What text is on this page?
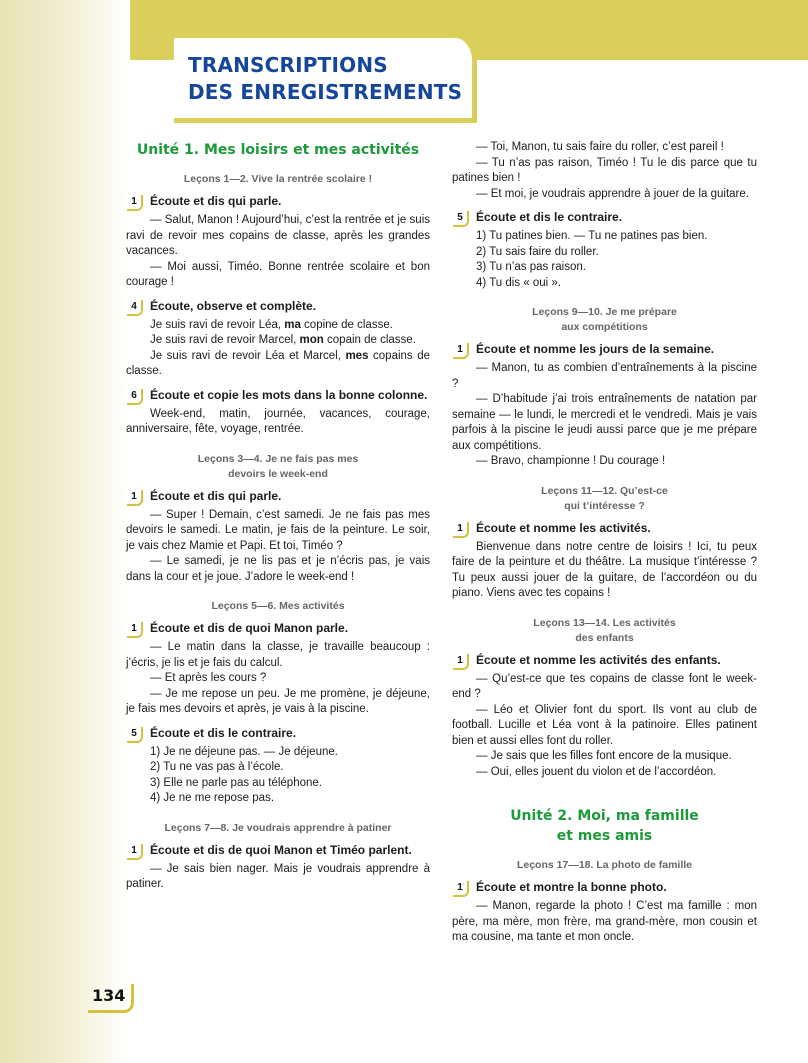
TRANSCRIPTIONS
DES ENREGISTREMENTS
Unité 1. Mes loisirs et mes activités
Leçons 1—2. Vive la rentrée scolaire !
1	Écoute et dis qui parle.

— Salut, Manon ! Aujourd’hui, c’est la rentrée et je suis ravi de revoir mes copains de classe, après les grandes vacances.

— Moi aussi, Timéo. Bonne rentrée scolaire et bon courage !

4	Écoute, observe et complète.

Je suis ravi de revoir Léa, ma copine de classe.

Je suis ravi de revoir Marcel, mon copain de classe.

Je suis ravi de revoir Léa et Marcel, mes copains de classe.

6	Écoute et copie les mots dans la bonne colonne.

Week-end, matin, journée, vacances, courage, anniversaire, fête, voyage, rentrée.

Leçons 3—4. Je ne fais pas mes
devoirs le week-end
1	Écoute et dis qui parle.

— Super ! Demain, c’est samedi. Je ne fais pas mes devoirs le samedi. Le matin, je fais de la peinture. Le soir, je vais chez Mamie et Papi. Et toi, Timéo ?

— Le samedi, je ne lis pas et je n’écris pas, je vais dans la cour et je joue. J’adore le week-end !

Leçons 5—6. Mes activités
1	Écoute et dis de quoi Manon parle.

— Le matin dans la classe, je travaille beaucoup : j’écris, je lis et je fais du calcul.

— Et après les cours ?

— Je me repose un peu. Je me promène, je déjeune, je fais mes devoirs et après, je vais à la piscine.

5	Écoute et dis le contraire.

1) Je ne déjeune pas. — Je déjeune.

2) Tu ne vas pas à l’école.

3) Elle ne parle pas au téléphone.

4) Je ne me repose pas.

Leçons 7—8. Je voudrais apprendre à patiner
1	Écoute et dis de quoi Manon et Timéo parlent.

— Je sais bien nager. Mais je voudrais apprendre à patiner.

— Toi, Manon, tu sais faire du roller, c’est pareil !

— Tu n’as pas raison, Timéo ! Tu le dis parce que tu patines bien !

— Et moi, je voudrais apprendre à jouer de la guitare.

5	Écoute et dis le contraire.

1) Tu patines bien. — Tu ne patines pas bien.

2) Tu sais faire du roller.

3) Tu n’as pas raison.

4) Tu dis « oui ».

Leçons 9—10. Je me prépare
aux compétitions
1	Écoute et nomme les jours de la semaine.

— Manon, tu as combien d’entraînements à la piscine ?

— D’habitude j’ai trois entraînements de natation par semaine — le lundi, le mercredi et le vendredi. Mais je vais parfois à la piscine le jeudi aussi parce que je me prépare aux compétitions.

— Bravo, championne ! Du courage !

Leçons 11—12. Qu’est-ce
qui t’intéresse ?
1	Écoute et nomme les activités.

Bienvenue dans notre centre de loisirs ! Ici, tu peux faire de la peinture et du théâtre. La musique t’intéresse ? Tu peux aussi jouer de la guitare, de l’accordéon ou du piano. Viens avec tes copains !

Leçons 13—14. Les activités
des enfants
1	Écoute et nomme les activités des enfants.

— Qu’est-ce que tes copains de classe font le week-end ?

— Léo et Olivier font du sport. Ils vont au club de football. Lucille et Léa vont à la patinoire. Elles patinent bien et aussi elles font du roller.

— Je sais que les filles font encore de la musique.

— Oui, elles jouent du violon et de l’accordéon.

Unité 2. Moi, ma famille
et mes amis
Leçons 17—18. La photo de famille
1	Écoute et montre la bonne photo.

— Manon, regarde la photo ! C’est ma famille : mon père, ma mère, mon frère, ma grand-mère, mon cousin et ma cousine, ma tante et mon oncle.

134
